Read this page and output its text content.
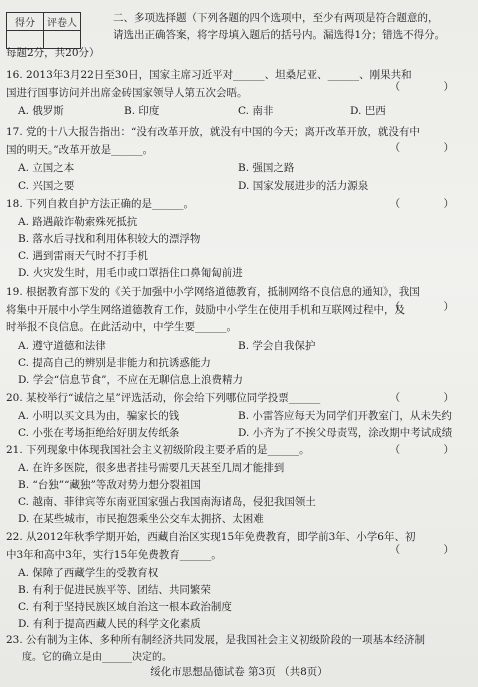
得分	评卷人
		二、多项选择题（下列各题的四个选项中，至少有两项是符合题意的，
请选出正确答案，将字母填入题后的括号内。漏选得1分；错选不得分。
每题2分，共20分）
16. 2013年3月22日至30日，国家主席习近平对______、坦桑尼亚、______、刚果共和
国进行国事访问并出席金砖国家领导人第五次会晤。	（ ）
A. 俄罗斯	B. 印度	C. 南非	D. 巴西
17. 党的十八大报告指出：“没有改革开放，就没有中国的今天；离开改革开放，就没有中
国的明天。”改革开放是______。	（ ）
A. 立国之本	B. 强国之路
C. 兴国之要	D. 国家发展进步的活力源泉
18. 下列自救自护方法正确的是______。	（ ）
A. 路遇敲诈勒索殊死抵抗
B. 落水后寻找和利用体积较大的漂浮物
C. 遇到雷雨天气时不打手机
D. 火灾发生时，用毛巾或口罩捂住口鼻匍匐前进
19. 根据教育部下发的《关于加强中小学网络道德教育，抵制网络不良信息的通知》，我国
将集中开展中小学生网络道德教育工作，鼓励中小学生在使用手机和互联网过程中，及
时举报不良信息。在此活动中，中学生要______。
（ ）
A. 遵守道德和法律	B. 学会自我保护
C. 提高自己的辨别是非能力和抗诱惑能力
D. 学会“信息节食”，不应在无聊信息上浪费精力
20. 某校举行“诚信之星”评选活动，你会给下列哪位同学投票______	（ ）
A. 小明以买文具为由，骗家长的钱	B. 小雷答应每天为同学们开教室门，从未失约
C. 小张在考场拒绝给好朋友传纸条	D. 小齐为了不挨父母责骂，涂改期中考试成绩
21. 下列现象中体现我国社会主义初级阶段主要矛盾的是______。	（ ）
A. 在许多医院，很多患者挂号需要几天甚至几周才能排到
B. “台独”“藏独”等敌对势力想分裂祖国
C. 越南、菲律宾等东南亚国家强占我国南海诸岛，侵犯我国领土
D. 在某些城市，市民抱怨乘坐公交车太拥挤、太困难
22. 从2012年秋季学期开始，西藏自治区实现15年免费教育，即学前3年、小学6年、初
中3年和高中3年，实行15年免费教育______。	（ ）
A. 保障了西藏学生的受教育权
B. 有利于促进民族平等、团结、共同繁荣
C. 有利于坚持民族区域自治这一根本政治制度
D. 有利于提高西藏人民的科学文化素质
23. 公有制为主体、多种所有制经济共同发展，是我国社会主义初级阶段的一项基本经济制
度。它的确立是由______决定的。
绥化市思想品德试卷 第3页 （共8页）
